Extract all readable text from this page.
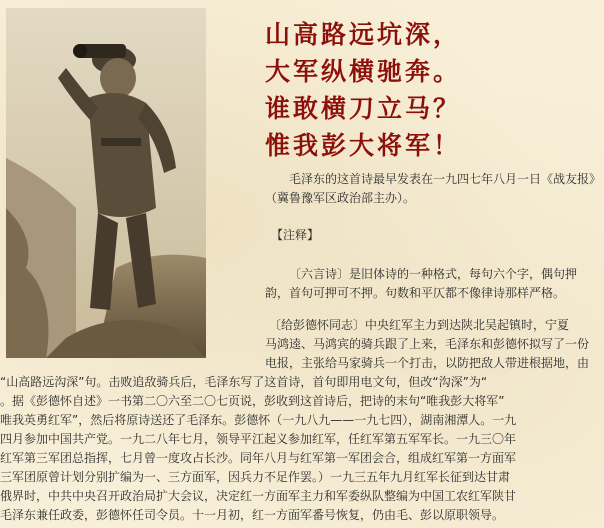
山高路远坑深，
大军纵横驰奔。
谁敢横刀立马？
惟我彭大将军！

毛泽东的这首诗最早发表在一九四七年八月一日《战友报》（冀鲁豫军区政治部主办）。

【注释】

〔六言诗〕是旧体诗的一种格式，每句六个字，偶句押韵，首句可押可不押。句数和平仄都不像律诗那样严格。

〔给彭德怀同志〕中央红军主力到达陕北吴起镇时，宁夏
马鸿逵、马鸿宾的骑兵跟了上来，毛泽东和彭德怀拟写了一份
电报，主张给马家骑兵一个打击，以防把敌人带进根据地，由
“山高路远沟深”句。击败追敌骑兵后，毛泽东写了这首诗，首句即用电文句，但改“沟深”为“
。据《彭德怀自述》一书第二〇六至二〇七页说，彭收到这首诗后，把诗的末句“唯我彭大将军”
唯我英勇红军”，然后将原诗送还了毛泽东。彭德怀（一九八九——一九七四），湖南湘潭人。一九
四月参加中国共产党。一九二八年七月，领导平江起义参加红军，任红军第五军军长。一九三〇年
红军第三军团总指挥，七月曾一度攻占长沙。同年八月与红军第一军团会合，组成红军第一方面军
三军团原曾计划分别扩编为一、三方面军，因兵力不足作罢。）一九三五年九月红军长征到达甘肃
俄界时，中共中央召开政治局扩大会议，决定红一方面军主力和军委纵队整编为中国工农红军陕甘
毛泽东兼任政委，彭德怀任司令员。十一月初，红一方面军番号恢复，仍由毛、彭以原职领导。
